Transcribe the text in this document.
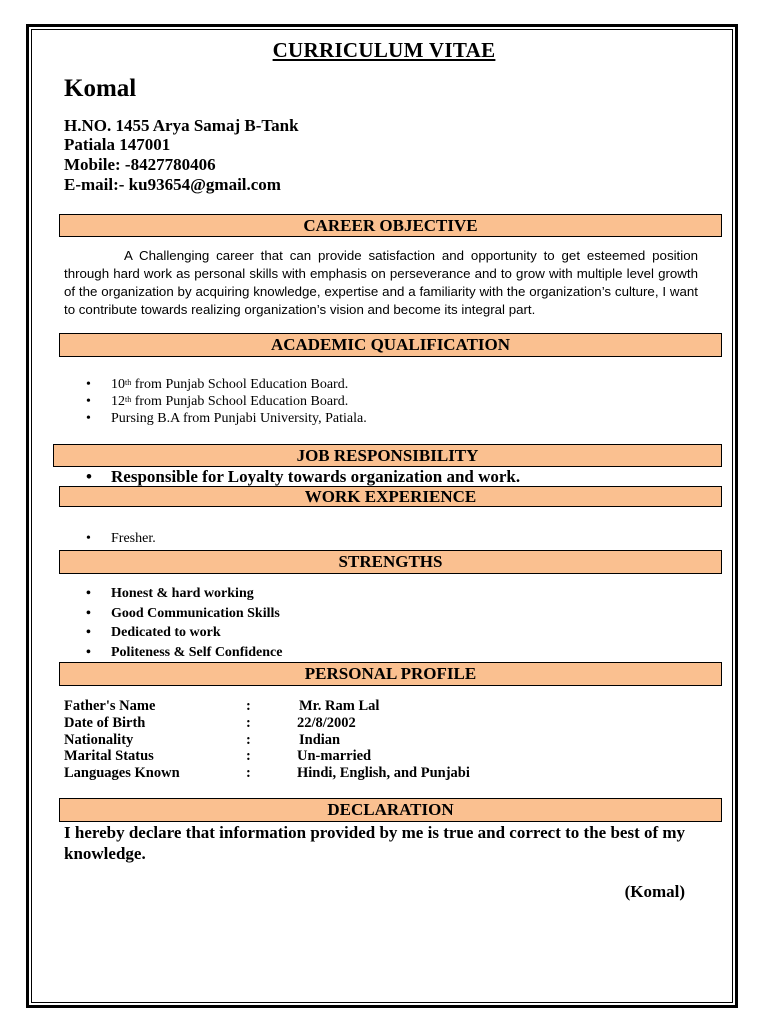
CURRICULUM VITAE
Komal
H.NO. 1455 Arya Samaj B-Tank
Patiala 147001
Mobile: -8427780406
E-mail:- ku93654@gmail.com
CAREER OBJECTIVE

A Challenging career that can provide satisfaction and opportunity to get esteemed position through hard work as personal skills with emphasis on perseverance and to grow with multiple level growth of the organization by acquiring knowledge, expertise and a familiarity with the organization’s culture, I want to contribute towards realizing organization’s vision and become its integral part.

ACADEMIC QUALIFICATION
• 10th from Punjab School Education Board.
• 12th from Punjab School Education Board.
• Pursing B.A from Punjabi University, Patiala.
JOB RESPONSIBILITY
• Responsible for Loyalty towards organization and work.
WORK EXPERIENCE
• Fresher.
STRENGTHS
• Honest & hard working
• Good Communication Skills
• Dedicated to work
• Politeness & Self Confidence
PERSONAL PROFILE
Father's Name	:	Mr. Ram Lal
Date of Birth	:	22/8/2002
Nationality	:	Indian
Marital Status	:	Un-married
Languages Known	:	Hindi, English, and Punjabi
DECLARATION
I hereby declare that information provided by me is true and correct to the best of my knowledge.
(Komal)
